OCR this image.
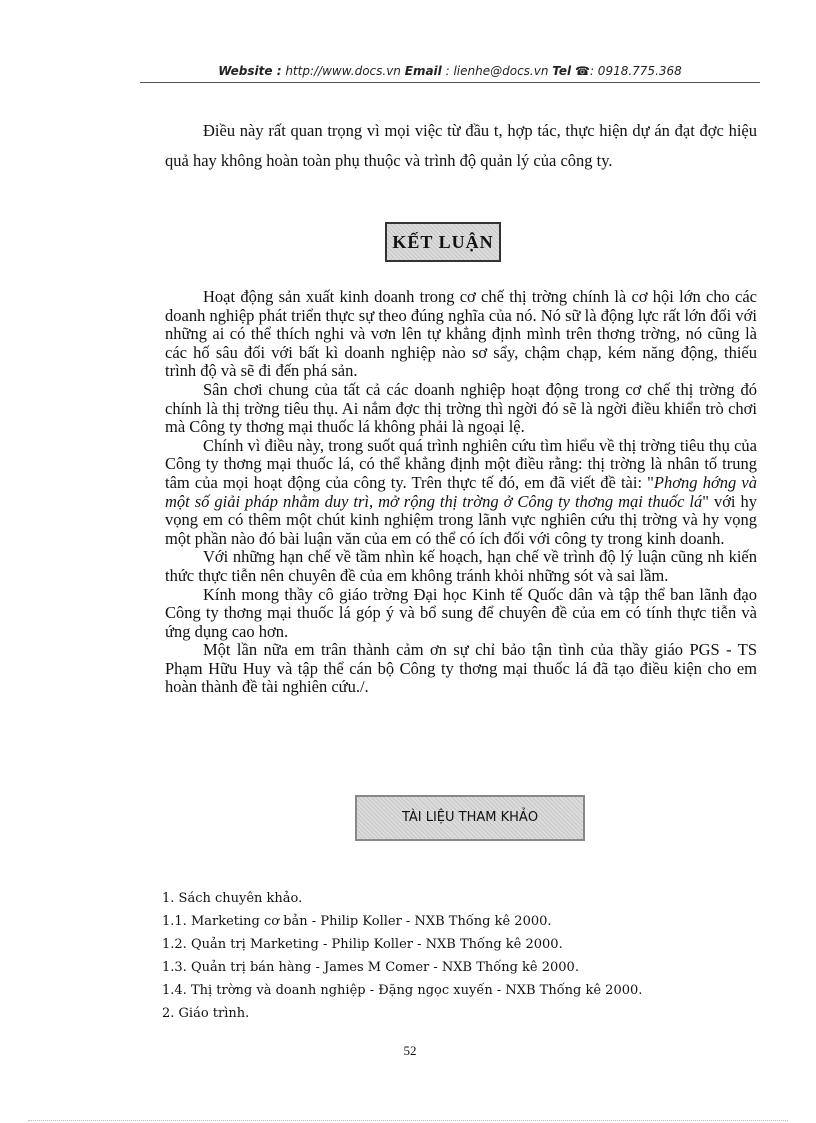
Website : http://www.docs.vn Email : lienhe@docs.vn Tel ☎: 0918.775.368

Điều này rất quan trọng vì mọi việc từ đầu t, hợp tác, thực hiện dự án đạt đợc hiệu quả hay không hoàn toàn phụ thuộc và trình độ quản lý của công ty.

KẾT LUẬN

Hoạt động sản xuất kinh doanh trong cơ chế thị trờng chính là cơ hội lớn cho các doanh nghiệp phát triển thực sự theo đúng nghĩa của nó. Nó sữ là động lực rất lớn đối với những ai có thể thích nghi và vơn lên tự khẳng định mình trên thơng trờng, nó cũng là các hố sâu đối với bất kì doanh nghiệp nào sơ sẩy, chậm chạp, kém năng động, thiếu trình độ và sẽ đi đến phá sản.

Sân chơi chung của tất cả các doanh nghiệp hoạt động trong cơ chế thị trờng đó chính là thị trờng tiêu thụ. Ai nắm đợc thị trờng thì ngời đó sẽ là ngời điều khiển trò chơi mà Công ty thơng mại thuốc lá không phải là ngoại lệ.

Chính vì điều này, trong suốt quá trình nghiên cứu tìm hiểu về thị trờng tiêu thụ của Công ty thơng mại thuốc lá, có thể khẳng định một điều rằng: thị trờng là nhân tố trung tâm của mọi hoạt động của công ty. Trên thực tế đó, em đã viết đề tài: "Phơng hớng và một số giải pháp nhằm duy trì, mở rộng thị trờng ở Công ty thơng mại thuốc lá" với hy vọng em có thêm một chút kinh nghiệm trong lãnh vực nghiên cứu thị trờng và hy vọng một phần nào đó bài luận văn của em có thể có ích đối với công ty trong kinh doanh.

Với những hạn chế về tầm nhìn kế hoạch, hạn chế về trình độ lý luận cũng nh kiến thức thực tiễn nên chuyên đề của em không tránh khỏi những sót và sai lầm.

Kính mong thầy cô giáo trờng Đại học Kinh tế Quốc dân và tập thể ban lãnh đạo Công ty thơng mại thuốc lá góp ý và bổ sung để chuyên đề của em có tính thực tiễn và ứng dụng cao hơn.

Một lần nữa em trân thành cảm ơn sự chỉ bảo tận tình của thầy giáo PGS - TS Phạm Hữu Huy và tập thể cán bộ Công ty thơng mại thuốc lá đã tạo điều kiện cho em hoàn thành đề tài nghiên cứu./.

TÀI LIỆU THAM KHẢO
1. Sách chuyên khảo.
1.1. Marketing cơ bản - Philip Koller - NXB Thống kê 2000.
1.2. Quản trị Marketing - Philip Koller - NXB Thống kê 2000.
1.3. Quản trị bán hàng - James M Comer - NXB Thống kê 2000.
1.4. Thị trờng và doanh nghiệp - Đặng ngọc xuyến - NXB Thống kê 2000.
2. Giáo trình.
52
